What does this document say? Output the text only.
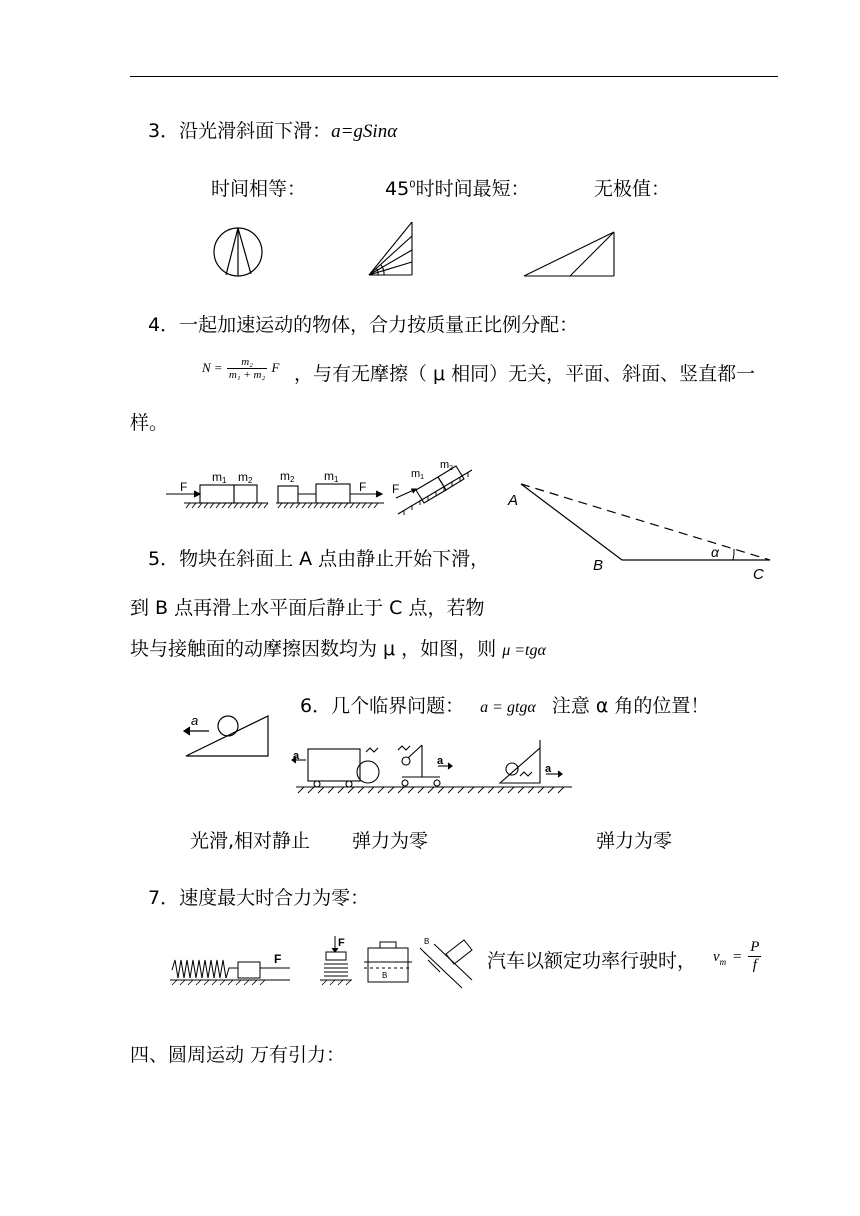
3．沿光滑斜面下滑：a=gSinα
时间相等：	$45^0$时时间最短：	无极值：
4．一起加速运动的物体，合力按质量正比例分配：
$N = \frac{\text{m₂}}{\text{m₁ + m₂}}$ F ，与有无摩擦（ μ 相同）无关，平面、斜面、竖直都一
样。
F
m1 m2 m2 m1
F F
m1
m2
A
B
C
α
5．物块在斜面上 A 点由静止开始下滑，
到 B 点再滑上水平面后静止于 C 点，若物
块与接触面的动摩擦因数均为 μ ，如图，则 μ =tgα
6．几个临界问题： a = gtgα 注意 α 角的位置！
a
a	a
a
光滑,相对静止 弹力为零	弹力为零
7．速度最大时合力为零：
F
F
B
B
汽车以额定功率行驶时， $v_m = \frac{P}{f}$
四、圆周运动 万有引力：
